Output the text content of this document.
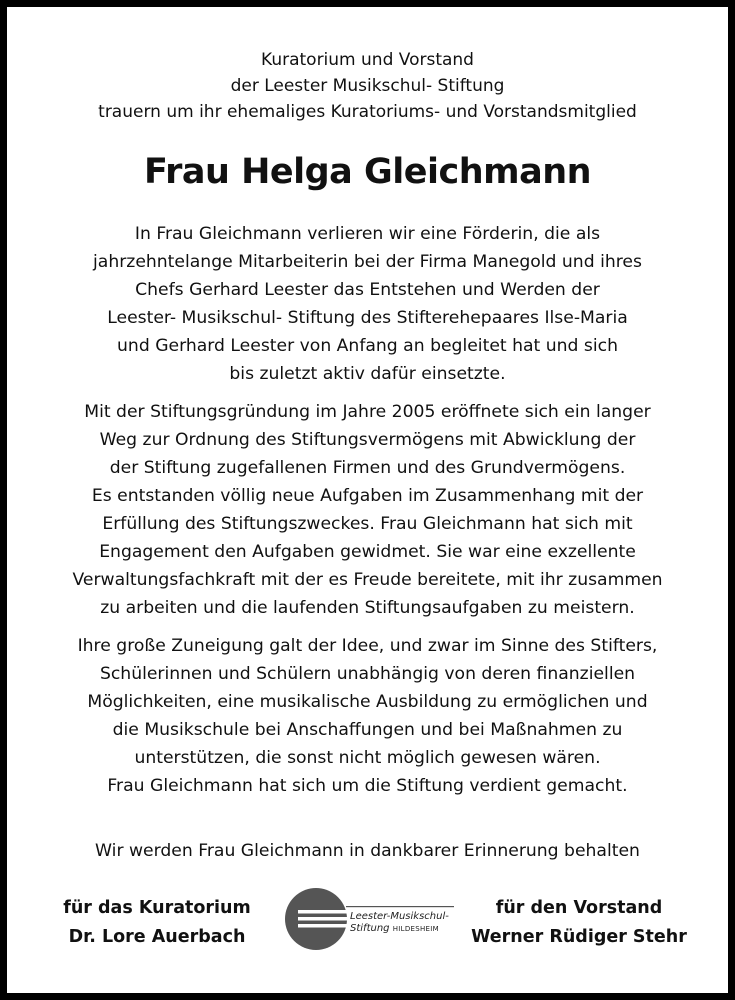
Kuratorium und Vorstand
der Leester Musikschul- Stiftung
trauern um ihr ehemaliges Kuratoriums- und Vorstandsmitglied
Frau Helga Gleichmann
In Frau Gleichmann verlieren wir eine Förderin, die als
jahrzehntelange Mitarbeiterin bei der Firma Manegold und ihres
Chefs Gerhard Leester das Entstehen und Werden der
Leester- Musikschul- Stiftung des Stifterehepaares Ilse-Maria
und Gerhard Leester von Anfang an begleitet hat und sich
bis zuletzt aktiv dafür einsetzte.
Mit der Stiftungsgründung im Jahre 2005 eröffnete sich ein langer
Weg zur Ordnung des Stiftungsvermögens mit Abwicklung der
der Stiftung zugefallenen Firmen und des Grundvermögens.
Es entstanden völlig neue Aufgaben im Zusammenhang mit der
Erfüllung des Stiftungszweckes. Frau Gleichmann hat sich mit
Engagement den Aufgaben gewidmet. Sie war eine exzellente
Verwaltungsfachkraft mit der es Freude bereitete, mit ihr zusammen
zu arbeiten und die laufenden Stiftungsaufgaben zu meistern.
Ihre große Zuneigung galt der Idee, und zwar im Sinne des Stifters,
Schülerinnen und Schülern unabhängig von deren finanziellen
Möglichkeiten, eine musikalische Ausbildung zu ermöglichen und
die Musikschule bei Anschaffungen und bei Maßnahmen zu
unterstützen, die sonst nicht möglich gewesen wären.
Frau Gleichmann hat sich um die Stiftung verdient gemacht.
Wir werden Frau Gleichmann in dankbarer Erinnerung behalten
für das Kuratorium
Dr. Lore Auerbach
Leester-Musikschul-
Stiftung HILDESHEIM
für den Vorstand
Werner Rüdiger Stehr
